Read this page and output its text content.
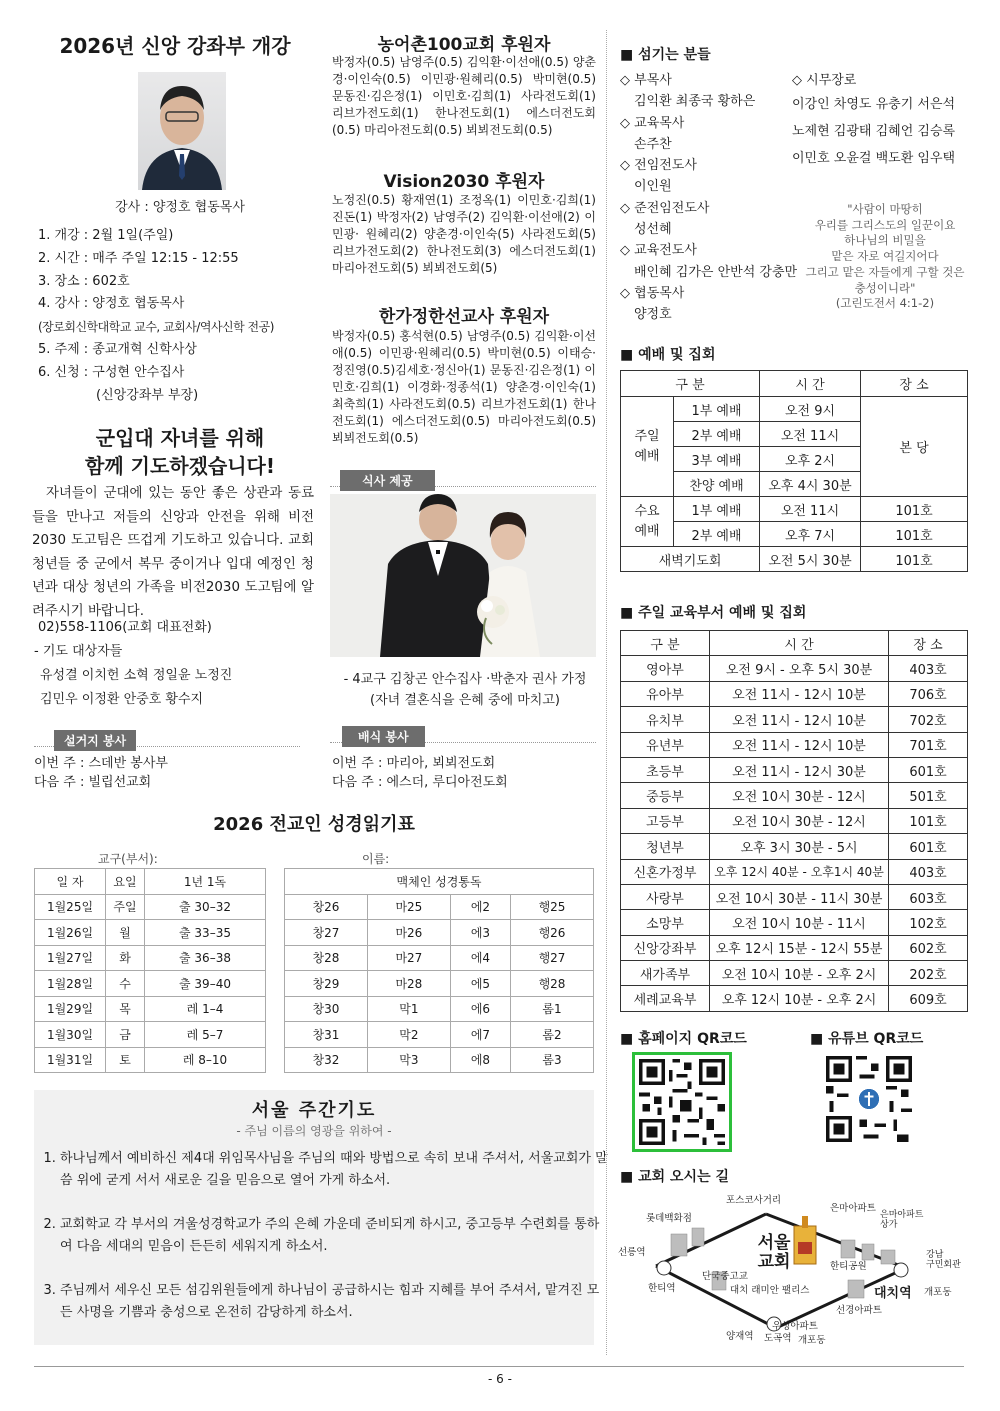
2026년 신앙 강좌부 개강
강사 : 양정호 협동목사
1. 개강 : 2월 1일(주일)
2. 시간 : 매주 주일 12:15 - 12:55
3. 장소 : 602호
4. 강사 : 양정호 협동목사
(장로회신학대학교 교수, 교회사/역사신학 전공)
5. 주제 : 종교개혁 신학사상
6. 신청 : 구성현 안수집사
(신앙강좌부 부장)
군입대 자녀를 위해
함께 기도하겠습니다!
자녀들이 군대에 있는 동안 좋은 상관과 동료들을 만나고 저들의 신앙과 안전을 위해 비전2030 도고팀은 뜨겁게 기도하고 있습니다. 교회 청년들 중 군에서 복무 중이거나 입대 예정인 청년과 대상 청년의 가족을 비전2030 도고팀에 알려주시기 바랍니다.
02)558-1106(교회 대표전화)
- 기도 대상자들
유성결 이치헌 소혁 정일윤 노정진
김민우 이정환 안중호 황수지
설거지 봉사
이번 주 : 스데반 봉사부
다음 주 : 빌립선교회
농어촌100교회 후원자
박정자(0.5) 남영주(0.5) 김익환·이선애(0.5) 양춘경·이인숙(0.5) 이민광·원혜리(0.5) 박미현(0.5) 문동진·김은정(1) 이민호·김희(1) 사라전도회(1) 리브가전도회(1) 한나전도회(1) 에스더전도회(0.5) 마리아전도회(0.5) 뵈뵈전도회(0.5)
Vision2030 후원자
노정진(0.5) 황재연(1) 조정옥(1) 이민호·김희(1) 진돈(1) 박정자(2) 남영주(2) 김익환·이선애(2) 이민광· 원혜리(2) 양춘경·이인숙(5) 사라전도회(5) 리브가전도회(2) 한나전도회(3) 에스더전도회(1) 마리아전도회(5) 뵈뵈전도회(5)
한가정한선교사 후원자
박정자(0.5) 홍석현(0.5) 남영주(0.5) 김익환·이선애(0.5) 이민광·원혜리(0.5) 박미현(0.5) 이태승·정진영(0.5)김세호·정신아(1) 문동진·김은정(1) 이민호·김희(1) 이경화·정종석(1) 양춘경·이인숙(1) 최축희(1) 사라전도회(0.5) 리브가전도회(1) 한나전도회(1) 에스더전도회(0.5) 마리아전도회(0.5) 뵈뵈전도회(0.5)
식사 제공
- 4교구 김창곤 안수집사 ·박춘자 권사 가정
(자녀 결혼식을 은혜 중에 마치고)
배식 봉사
이번 주 : 마리아, 뵈뵈전도회
다음 주 : 에스더, 루디아전도회
2026 전교인 성경읽기표
교구(부서):	이름:
일 자	요일	1년 1독
1월25일	주일	출 30–32
1월26일	월	출 33–35
1월27일	화	출 36–38
1월28일	수	출 39–40
1월29일	목	레 1–4
1월30일	금	레 5–7
1월31일	토	레 8–10
맥체인 성경통독			
창26	마25	에2	행25
창27	마26	에3	행26
창28	마27	에4	행27
창29	마28	에5	행28
창30	막1	에6	롬1
창31	막2	에7	롬2
창32	막3	에8	롬3
서울 주간기도
- 주님 이름의 영광을 위하여 -
1. 하나님께서 예비하신 제4대 위임목사님을 주님의 때와 방법으로 속히 보내 주셔서, 서울교회가 말씀 위에 굳게 서서 새로운 길을 믿음으로 열어 가게 하소서.
2. 교회학교 각 부서의 겨울성경학교가 주의 은혜 가운데 준비되게 하시고, 중고등부 수련회를 통하여 다음 세대의 믿음이 든든히 세워지게 하소서.
3. 주님께서 세우신 모든 섬김위원들에게 하나님이 공급하시는 힘과 지혜를 부어 주셔서, 맡겨진 모든 사명을 기쁨과 충성으로 온전히 감당하게 하소서.
■ 섬기는 분들
◇ 부목사
김익환 최종국 황하은
◇ 교육목사
손주찬
◇ 전임전도사
이인원
◇ 준전임전도사
성선혜
◇ 교육전도사
배인혜 김가은 안반석 강충만
◇ 협동목사
양정호
◇ 시무장로
이강인 차영도 유충기 서은석
노제현 김광태 김혜언 김승록
이민호 오윤걸 백도환 임우택
"사람이 마땅히
우리를 그리스도의 일꾼이요
하나님의 비밀을
맡은 자로 여길지어다
그리고 맡은 자들에게 구할 것은
충성이니라"
(고린도전서 4:1-2)
■ 예배 및 집회
구 분		시 간	장 소
주일
예배	1부 예배	오전 9시	본 당
	2부 예배	오전 11시	
	3부 예배	오후 2시	
	찬양 예배	오후 4시 30분	
수요
예배	1부 예배	오전 11시	101호
	2부 예배	오후 7시	101호
새벽기도회		오전 5시 30분	101호
■ 주일 교육부서 예배 및 집회
구 분	시 간	장 소
영아부	오전 9시 - 오후 5시 30분	403호
유아부	오전 11시 - 12시 10분	706호
유치부	오전 11시 - 12시 10분	702호
유년부	오전 11시 - 12시 10분	701호
초등부	오전 11시 - 12시 30분	601호
중등부	오전 10시 30분 - 12시	501호
고등부	오전 10시 30분 - 12시	101호
청년부	오후 3시 30분 - 5시	601호
신혼가정부	오후 12시 40분 - 오후1시 40분	403호
사랑부	오전 10시 30분 - 11시 30분	603호
소망부	오전 10시 10분 - 11시	102호
신앙강좌부	오후 12시 15분 - 12시 55분	602호
새가족부	오전 10시 10분 - 오후 2시	202호
세례교육부	오후 12시 10분 - 오후 2시	609호
■ 홈페이지 QR코드	■ 유튜브 QR코드
■ 교회 오시는 길
서울
교회
포스코사거리
롯데백화점
은마아파트
은마아파트
상가
선릉역
한티역
단국중고교
한티공원
대치역
강남
구민회관
개포동
대치 래미안 팰리스
선경아파트
우성아파트
양재역 도곡역 개포동
- 6 -
